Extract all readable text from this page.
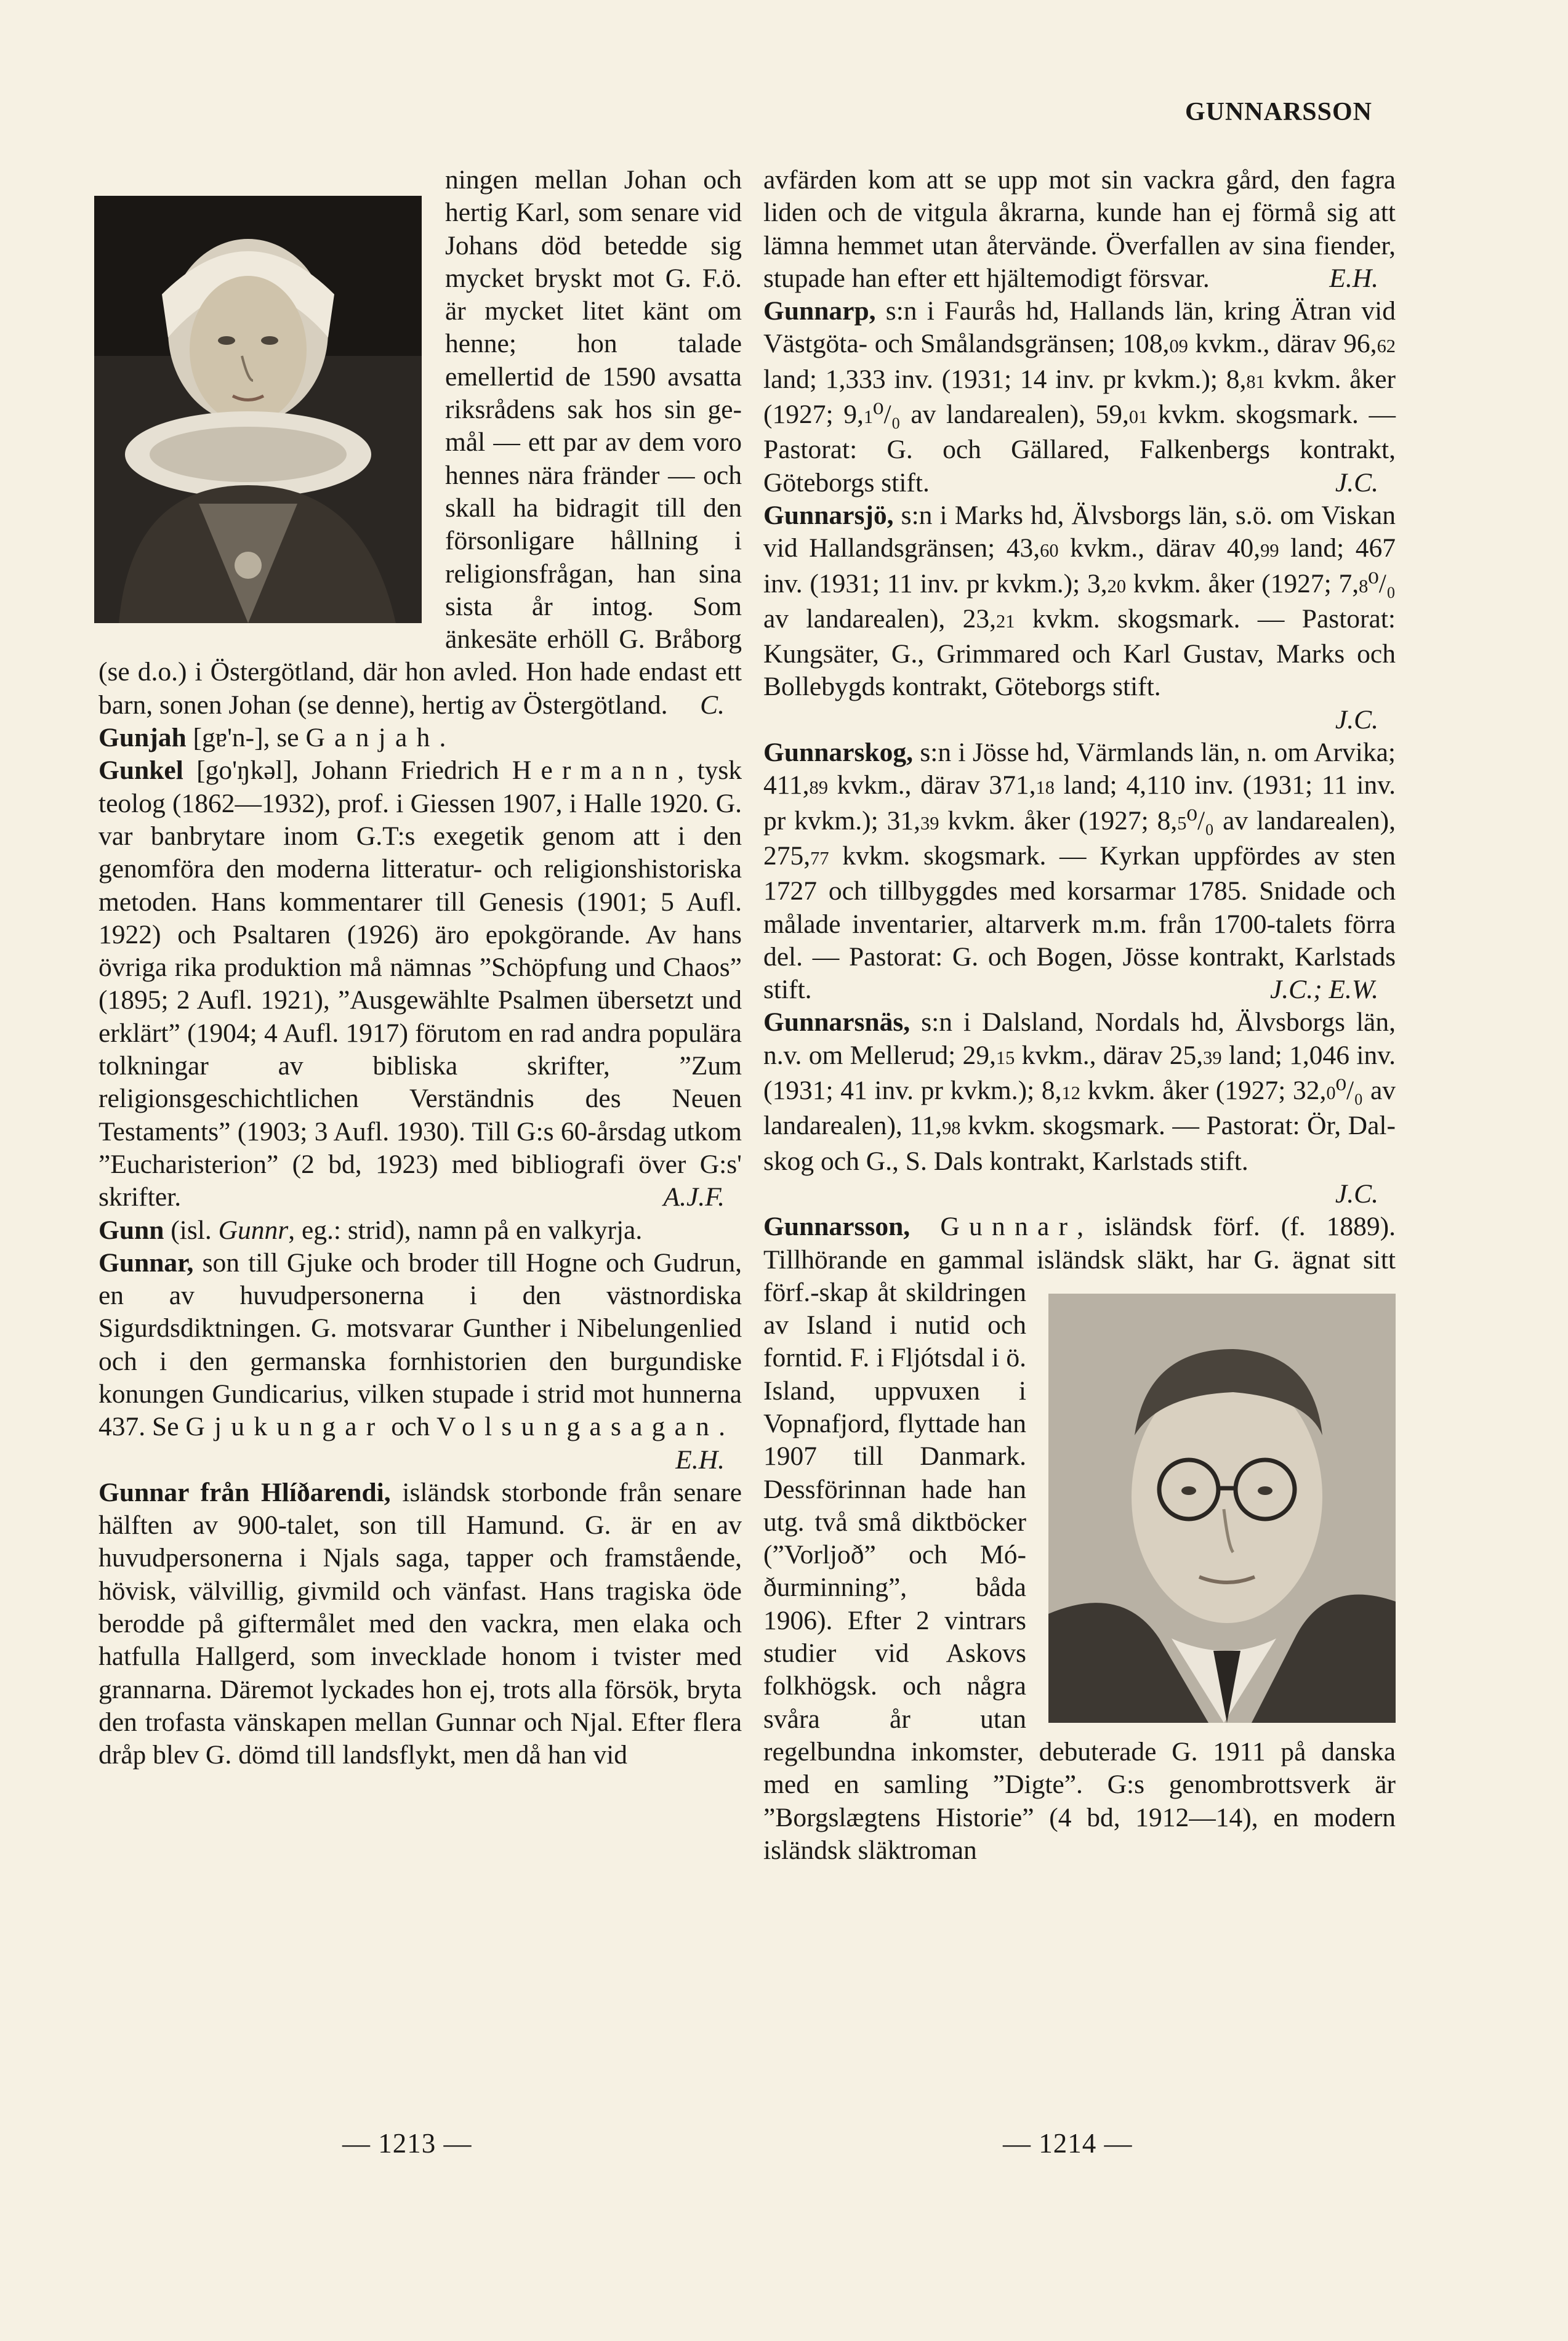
GUNNARSSON

ningen mellan Johan och hertig Karl, som senare vid Johans död betedde sig mycket bryskt mot G. F.ö. är mycket litet känt om henne; hon talade emellertid de 1590 avsatta riksrådens sak hos sin gemål — ett par av dem voro hennes nära fränder — och skall ha bidragit till den försonligare hållning i religionsfrågan, han sina sista år intog. Som änkesäte erhöll G. Bråborg (se d.o.) i Östergötland, där hon avled. Hon hade endast ett barn, sonen Johan (se denne), hertig av Östergötland. C.

Gunjah [gɐ'n-], se Ganjah.

Gunkel [go'ŋkəl], Johann Friedrich Hermann, tysk teolog (1862—1932), prof. i Giessen 1907, i Halle 1920. G. var banbrytare inom G.T:s exegetik genom att i den genomföra den moderna litteratur- och religionshistoriska metoden. Hans kommentarer till Genesis (1901; 5 Aufl. 1922) och Psaltaren (1926) äro epokgörande. Av hans övriga rika produktion må nämnas ”Schöpfung und Chaos” (1895; 2 Aufl. 1921), ”Ausgewählte Psalmen übersetzt und erklärt” (1904; 4 Aufl. 1917) förutom en rad andra populära tolkningar av bibliska skrifter, ”Zum religionsgeschichtlichen Verständnis des Neuen Testaments” (1903; 3 Aufl. 1930). Till G:s 60-årsdag utkom ”Eucharisterion” (2 bd, 1923) med bibliografi över G:s' skrifter.	A.J.F.

Gunn (isl. Gunnr, eg.: strid), namn på en valkyrja.

Gunnar, son till Gjuke och broder till Hogne och Gudrun, en av huvudpersonerna i den västnordiska Sigurdsdiktningen. G. motsvarar Gunther i Nibelungenlied och i den germanska fornhistorien den burgundiske konungen Gundicarius, vilken stupade i strid mot hunnerna 437. Se Gjukungar och Volsungasagan.
E.H.

Gunnar från Hlíðarendi, isländsk storbonde från senare hälften av 900-talet, son till Hamund. G. är en av huvudpersonerna i Njals saga, tapper och framstående, hövisk, välvillig, givmild och vänfast. Hans tragiska öde berodde på giftermålet med den vackra, men elaka och hatfulla Hallgerd, som invecklade honom i tvister med grannarna. Däremot lyckades hon ej, trots alla försök, bryta den trofasta vänskapen mellan Gunnar och Njal. Efter flera dråp blev G. dömd till landsflykt, men då han vid

avfärden kom att se upp mot sin vackra gård, den fagra liden och de vitgula åkrarna, kunde han ej förmå sig att lämna hemmet utan återvände. Överfallen av sina fiender, stupade han efter ett hjältemodigt försvar.	E.H.

Gunnarp, s:n i Faurås hd, Hallands län, kring Ätran vid Västgöta- och Smålandsgränsen; 108,09 kvkm., därav 96,62 land; 1,333 inv. (1931; 14 inv. pr kvkm.); 8,81 kvkm. åker (1927; 9,1⁰/₀ av landarealen), 59,01 kvkm. skogsmark. — Pastorat: G. och Gällared, Falkenbergs kontrakt, Göteborgs stift.	J.C.

Gunnarsjö, s:n i Marks hd, Älvsborgs län, s.ö. om Viskan vid Hallandsgränsen; 43,60 kvkm., därav 40,99 land; 467 inv. (1931; 11 inv. pr kvkm.); 3,20 kvkm. åker (1927; 7,8⁰/₀ av landarealen), 23,21 kvkm. skogsmark. — Pastorat: Kungsäter, G., Grimmared och Karl Gustav, Marks och Bollebygds kontrakt, Göteborgs stift.
J.C.

Gunnarskog, s:n i Jösse hd, Värmlands län, n. om Arvika; 411,89 kvkm., därav 371,18 land; 4,110 inv. (1931; 11 inv. pr kvkm.); 31,39 kvkm. åker (1927; 8,5⁰/₀ av landarealen), 275,77 kvkm. skogsmark. — Kyrkan uppfördes av sten 1727 och tillbyggdes med korsarmar 1785. Snidade och målade inventarier, altarverk m.m. från 1700-talets förra del. — Pastorat: G. och Bogen, Jösse kontrakt, Karlstads stift.	J.C.; E.W.

Gunnarsnäs, s:n i Dalsland, Nordals hd, Älvsborgs län, n.v. om Mellerud; 29,15 kvkm., därav 25,39 land; 1,046 inv. (1931; 41 inv. pr kvkm.); 8,12 kvkm. åker (1927; 32,0⁰/₀ av landarealen), 11,98 kvkm. skogsmark. — Pastorat: Ör, Dalskog och G., S. Dals kontrakt, Karlstads stift.
J.C.

Gunnarsson, Gunnar, isländsk förf. (f. 1889). Tillhörande en gammal isländsk släkt, har G. ägnat sitt förf.-skap åt skildringen av Island i nutid och forntid. F. i Fljótsdal i ö. Island, uppvuxen i Vopnafjord, flyttade han 1907 till Danmark. Dessförinnan hade han utg. två små diktböcker (”Vorljoð” och Móðurminning”, båda 1906). Efter 2 vintrars studier vid Askovs folkhögsk. och några svåra år utan regelbundna inkomster, debuterade G. 1911 på danska med en samling ”Digte”. G:s genombrottsverk är ”Borgslægtens Historie” (4 bd, 1912—14), en modern isländsk släktroman

— 1213 —	— 1214 —
